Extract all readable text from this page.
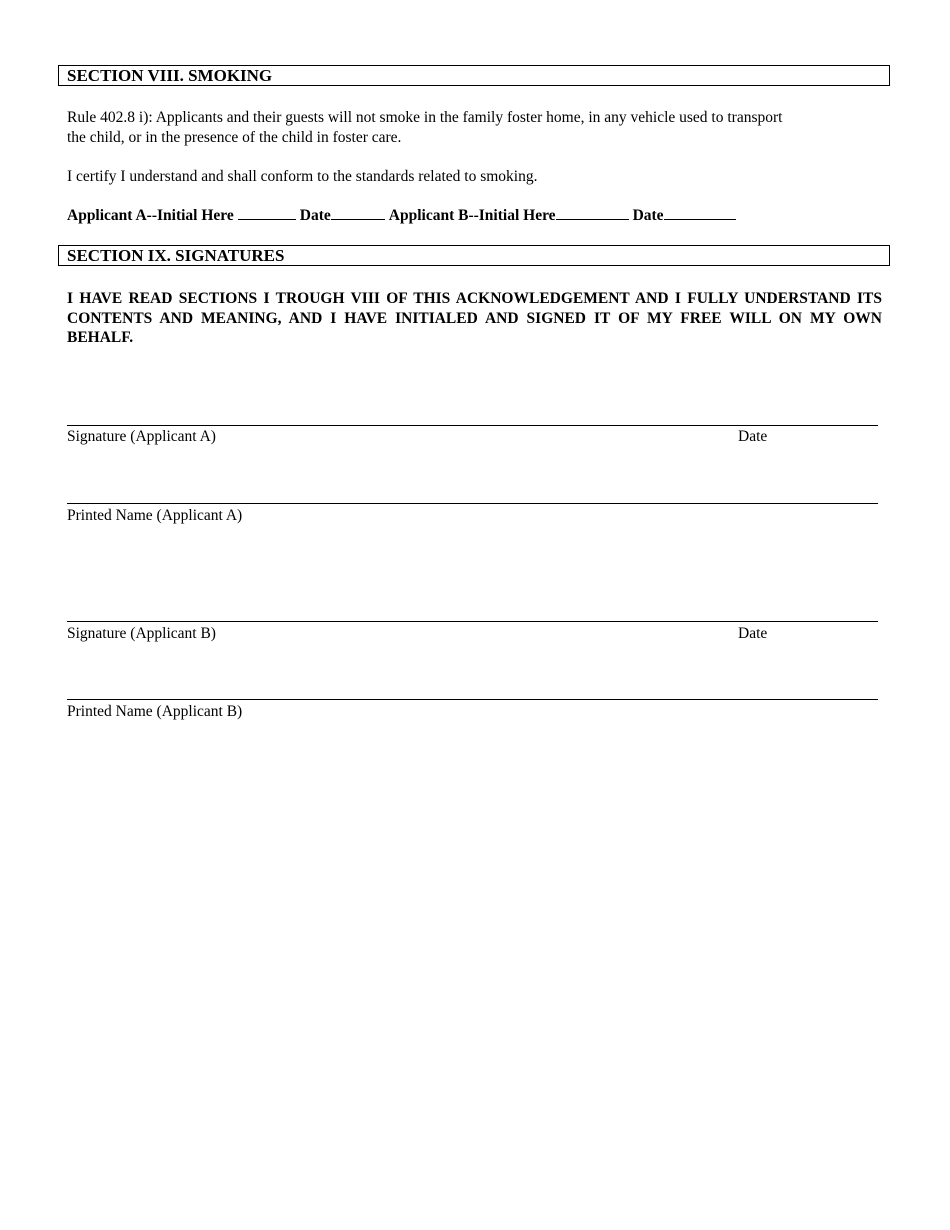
SECTION VIII. SMOKING
Rule 402.8 i): Applicants and their guests will not smoke in the family foster home, in any vehicle used to transport
the child, or in the presence of the child in foster care.
I certify I understand and shall conform to the standards related to smoking.
Applicant A--Initial Here	Date	Applicant B--Initial Here	Date
SECTION IX. SIGNATURES
I HAVE READ SECTIONS I TROUGH VIII OF THIS ACKNOWLEDGEMENT AND I FULLY UNDERSTAND ITS CONTENTS AND MEANING, AND I HAVE INITIALED AND SIGNED IT OF MY FREE WILL ON MY OWN BEHALF.
Signature (Applicant A)	Date
Printed Name (Applicant A)
Signature (Applicant B)	Date
Printed Name (Applicant B)
